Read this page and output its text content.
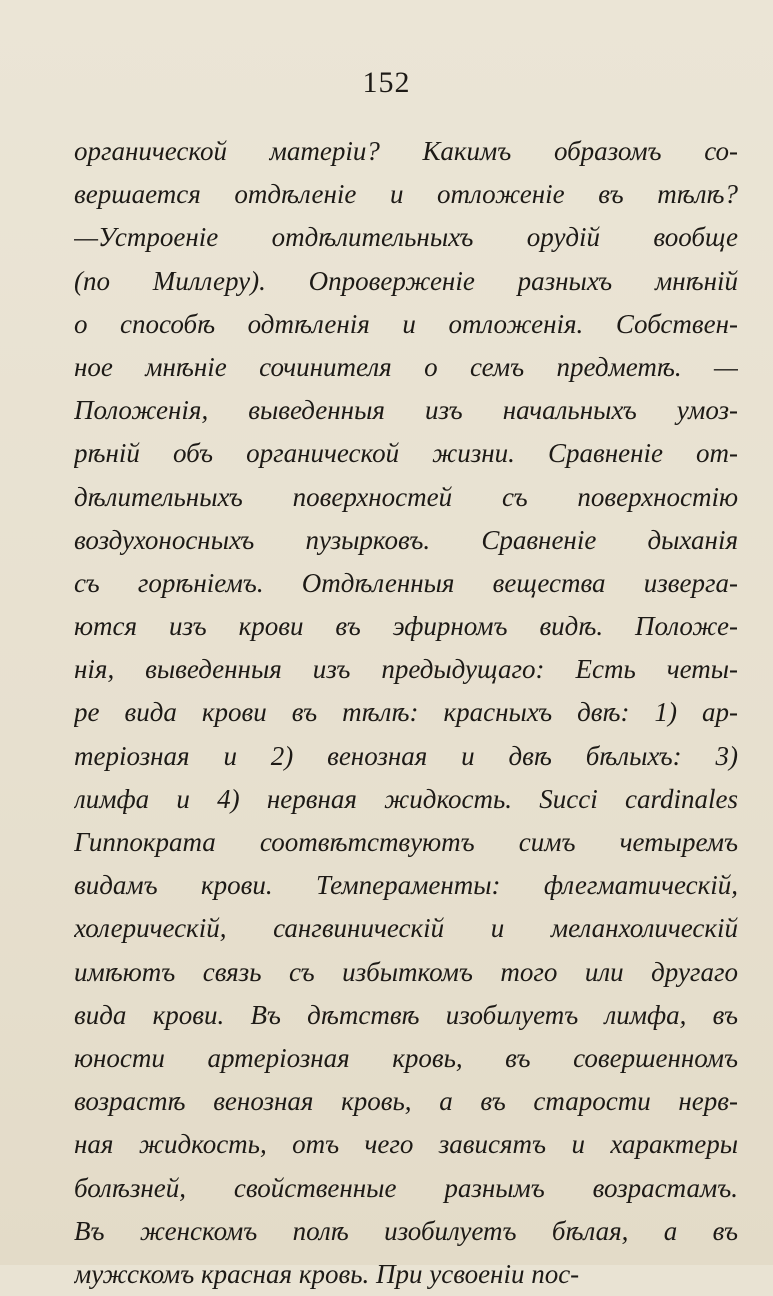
152
органической матеріи? Какимъ образомъ со-
вершается отдѣленіе и отложеніе въ тѣлѣ?
—Устроеніе отдѣлительныхъ орудій вообще
(по Миллеру). Опроверженіе разныхъ мнѣній
о способѣ одтѣленія и отложенія. Собствен-
ное мнѣніе сочинителя о семъ предметѣ. —
Положенія, выведенныя изъ начальныхъ умоз-
рѣній объ органической жизни. Сравненіе от-
дѣлительныхъ поверхностей съ поверхностію
воздухоносныхъ пузырковъ. Сравненіе дыханія
съ горѣніемъ. Отдѣленныя вещества изверга-
ются изъ крови въ эфирномъ видѣ. Положе-
нія, выведенныя изъ предыдущаго: Есть четы-
ре вида крови въ тѣлѣ: красныхъ двѣ: 1) ар-
теріозная и 2) венозная и двѣ бѣлыхъ: 3)
лимфа и 4) нервная жидкость. Succi cardinales
Гиппократа соотвѣтствуютъ симъ четыремъ
видамъ крови. Темпераменты: флегматическій,
холерическій, сангвиническій и меланхолическій
имѣютъ связь съ избыткомъ того или другаго
вида крови. Въ дѣтствѣ изобилуетъ лимфа, въ
юности артеріозная кровь, въ совершенномъ
возрастѣ венозная кровь, а въ старости нерв-
ная жидкость, отъ чего зависятъ и характеры
болѣзней, свойственные разнымъ возрастамъ.
Въ женскомъ полѣ изобилуетъ бѣлая, а въ
мужскомъ красная кровь. При усвоеніи пос-
